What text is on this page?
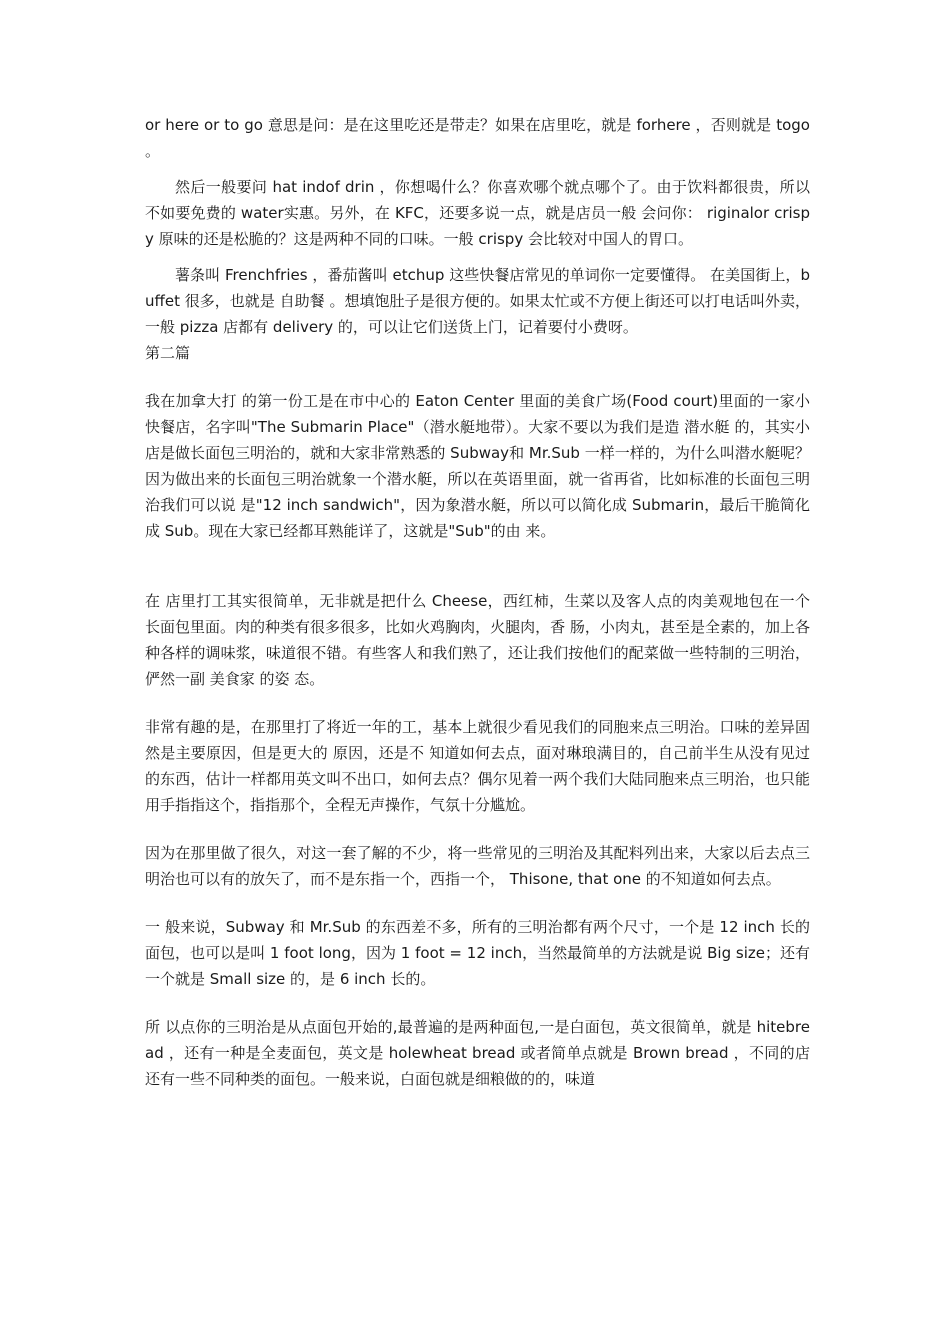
or here or to go 意思是问：是在这里吃还是带走？如果在店里吃，就是 forhere ，否则就是 togo 。

然后一般要问 hat indof drin ，你想喝什么？你喜欢哪个就点哪个了。由于饮料都很贵，所以不如要免费的 water实惠。另外，在 KFC，还要多说一点，就是店员一般 会问你： riginalor crispy 原味的还是松脆的？这是两种不同的口味。一般 crispy 会比较对中国人的胃口。

薯条叫 Frenchfries ，番茄酱叫 etchup 这些快餐店常见的单词你一定要懂得。 在美国街上，buffet 很多，也就是 自助餐 。想填饱肚子是很方便的。如果太忙或不方便上街还可以打电话叫外卖，一般 pizza 店都有 delivery 的，可以让它们送货上门，记着要付小费呀。

第二篇

我在加拿大打 的第一份工是在市中心的 Eaton Center 里面的美食广场(Food court)里面的一家小快餐店，名字叫"The Submarin Place"（潜水艇地带）。大家不要以为我们是造 潜水艇 的，其实小店是做长面包三明治的，就和大家非常熟悉的 Subway和 Mr.Sub 一样一样的，为什么叫潜水艇呢？因为做出来的长面包三明治就象一个潜水艇，所以在英语里面，就一省再省，比如标准的长面包三明治我们可以说 是"12 inch sandwich"，因为象潜水艇，所以可以简化成 Submarin，最后干脆简化成 Sub。现在大家已经都耳熟能详了，这就是"Sub"的由 来。

在 店里打工其实很简单，无非就是把什么 Cheese，西红柿，生菜以及客人点的肉美观地包在一个长面包里面。肉的种类有很多很多，比如火鸡胸肉，火腿肉，香 肠，小肉丸，甚至是全素的，加上各种各样的调味浆，味道很不错。有些客人和我们熟了，还让我们按他们的配菜做一些特制的三明治，俨然一副 美食家 的姿 态。

非常有趣的是，在那里打了将近一年的工，基本上就很少看见我们的同胞来点三明治。口味的差异固然是主要原因，但是更大的 原因，还是不 知道如何去点，面对琳琅满目的，自己前半生从没有见过的东西，估计一样都用英文叫不出口，如何去点？偶尔见着一两个我们大陆同胞来点三明治，也只能用手指指这个，指指那个，全程无声操作，气氛十分尴尬。

因为在那里做了很久，对这一套了解的不少，将一些常见的三明治及其配料列出来，大家以后去点三明治也可以有的放矢了，而不是东指一个，西指一个， Thisone, that one 的不知道如何去点。

一 般来说，Subway 和 Mr.Sub 的东西差不多，所有的三明治都有两个尺寸，一个是 12 inch 长的面包，也可以是叫 1 foot long，因为 1 foot = 12 inch，当然最简单的方法就是说 Big size；还有一个就是 Small size 的，是 6 inch 长的。

所 以点你的三明治是从点面包开始的,最普遍的是两种面包,一是白面包，英文很简单，就是 hitebread ，还有一种是全麦面包，英文是 holewheat bread 或者简单点就是 Brown bread ，不同的店还有一些不同种类的面包。一般来说，白面包就是细粮做的的，味道
